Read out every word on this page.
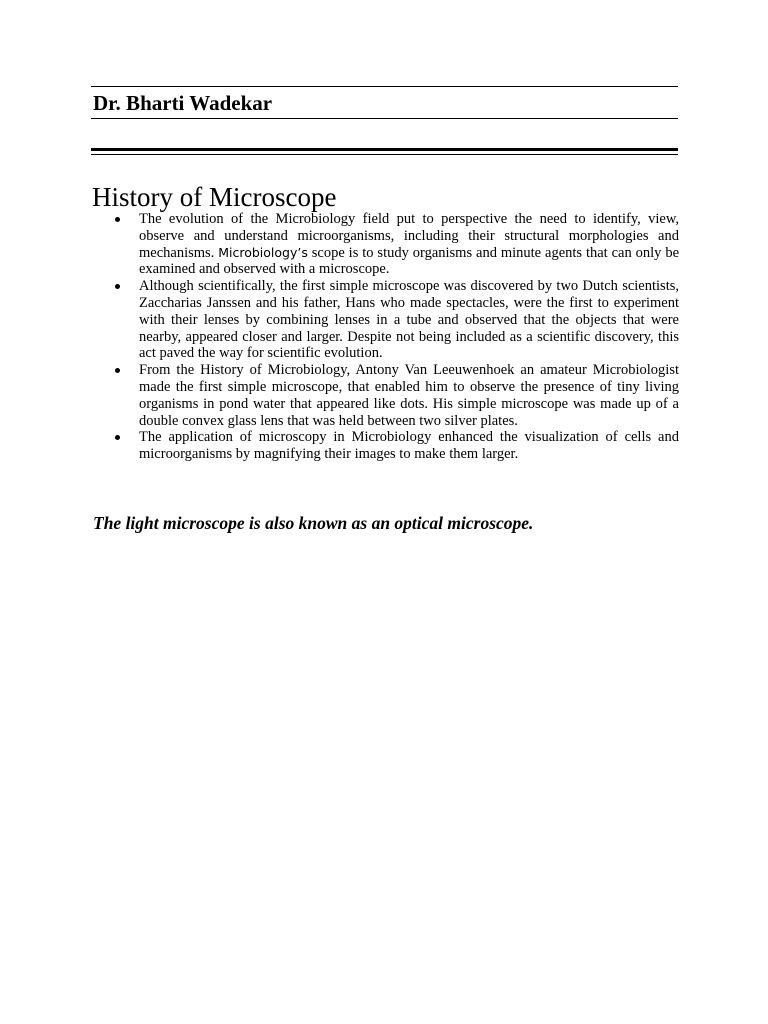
Dr. Bharti Wadekar
History of Microscope
The evolution of the Microbiology field put to perspective the need to identify, view, observe and understand microorganisms, including their structural morphologies and mechanisms. Microbiology’s scope is to study organisms and minute agents that can only be examined and observed with a microscope.
Although scientifically, the first simple microscope was discovered by two Dutch scientists, Zaccharias Janssen and his father, Hans who made spectacles, were the first to experiment with their lenses by combining lenses in a tube and observed that the objects that were nearby, appeared closer and larger. Despite not being included as a scientific discovery, this act paved the way for scientific evolution.
From the History of Microbiology, Antony Van Leeuwenhoek an amateur Microbiologist made the first simple microscope, that enabled him to observe the presence of tiny living organisms in pond water that appeared like dots. His simple microscope was made up of a double convex glass lens that was held between two silver plates.
The application of microscopy in Microbiology enhanced the visualization of cells and microorganisms by magnifying their images to make them larger.
The light microscope is also known as an optical microscope.
